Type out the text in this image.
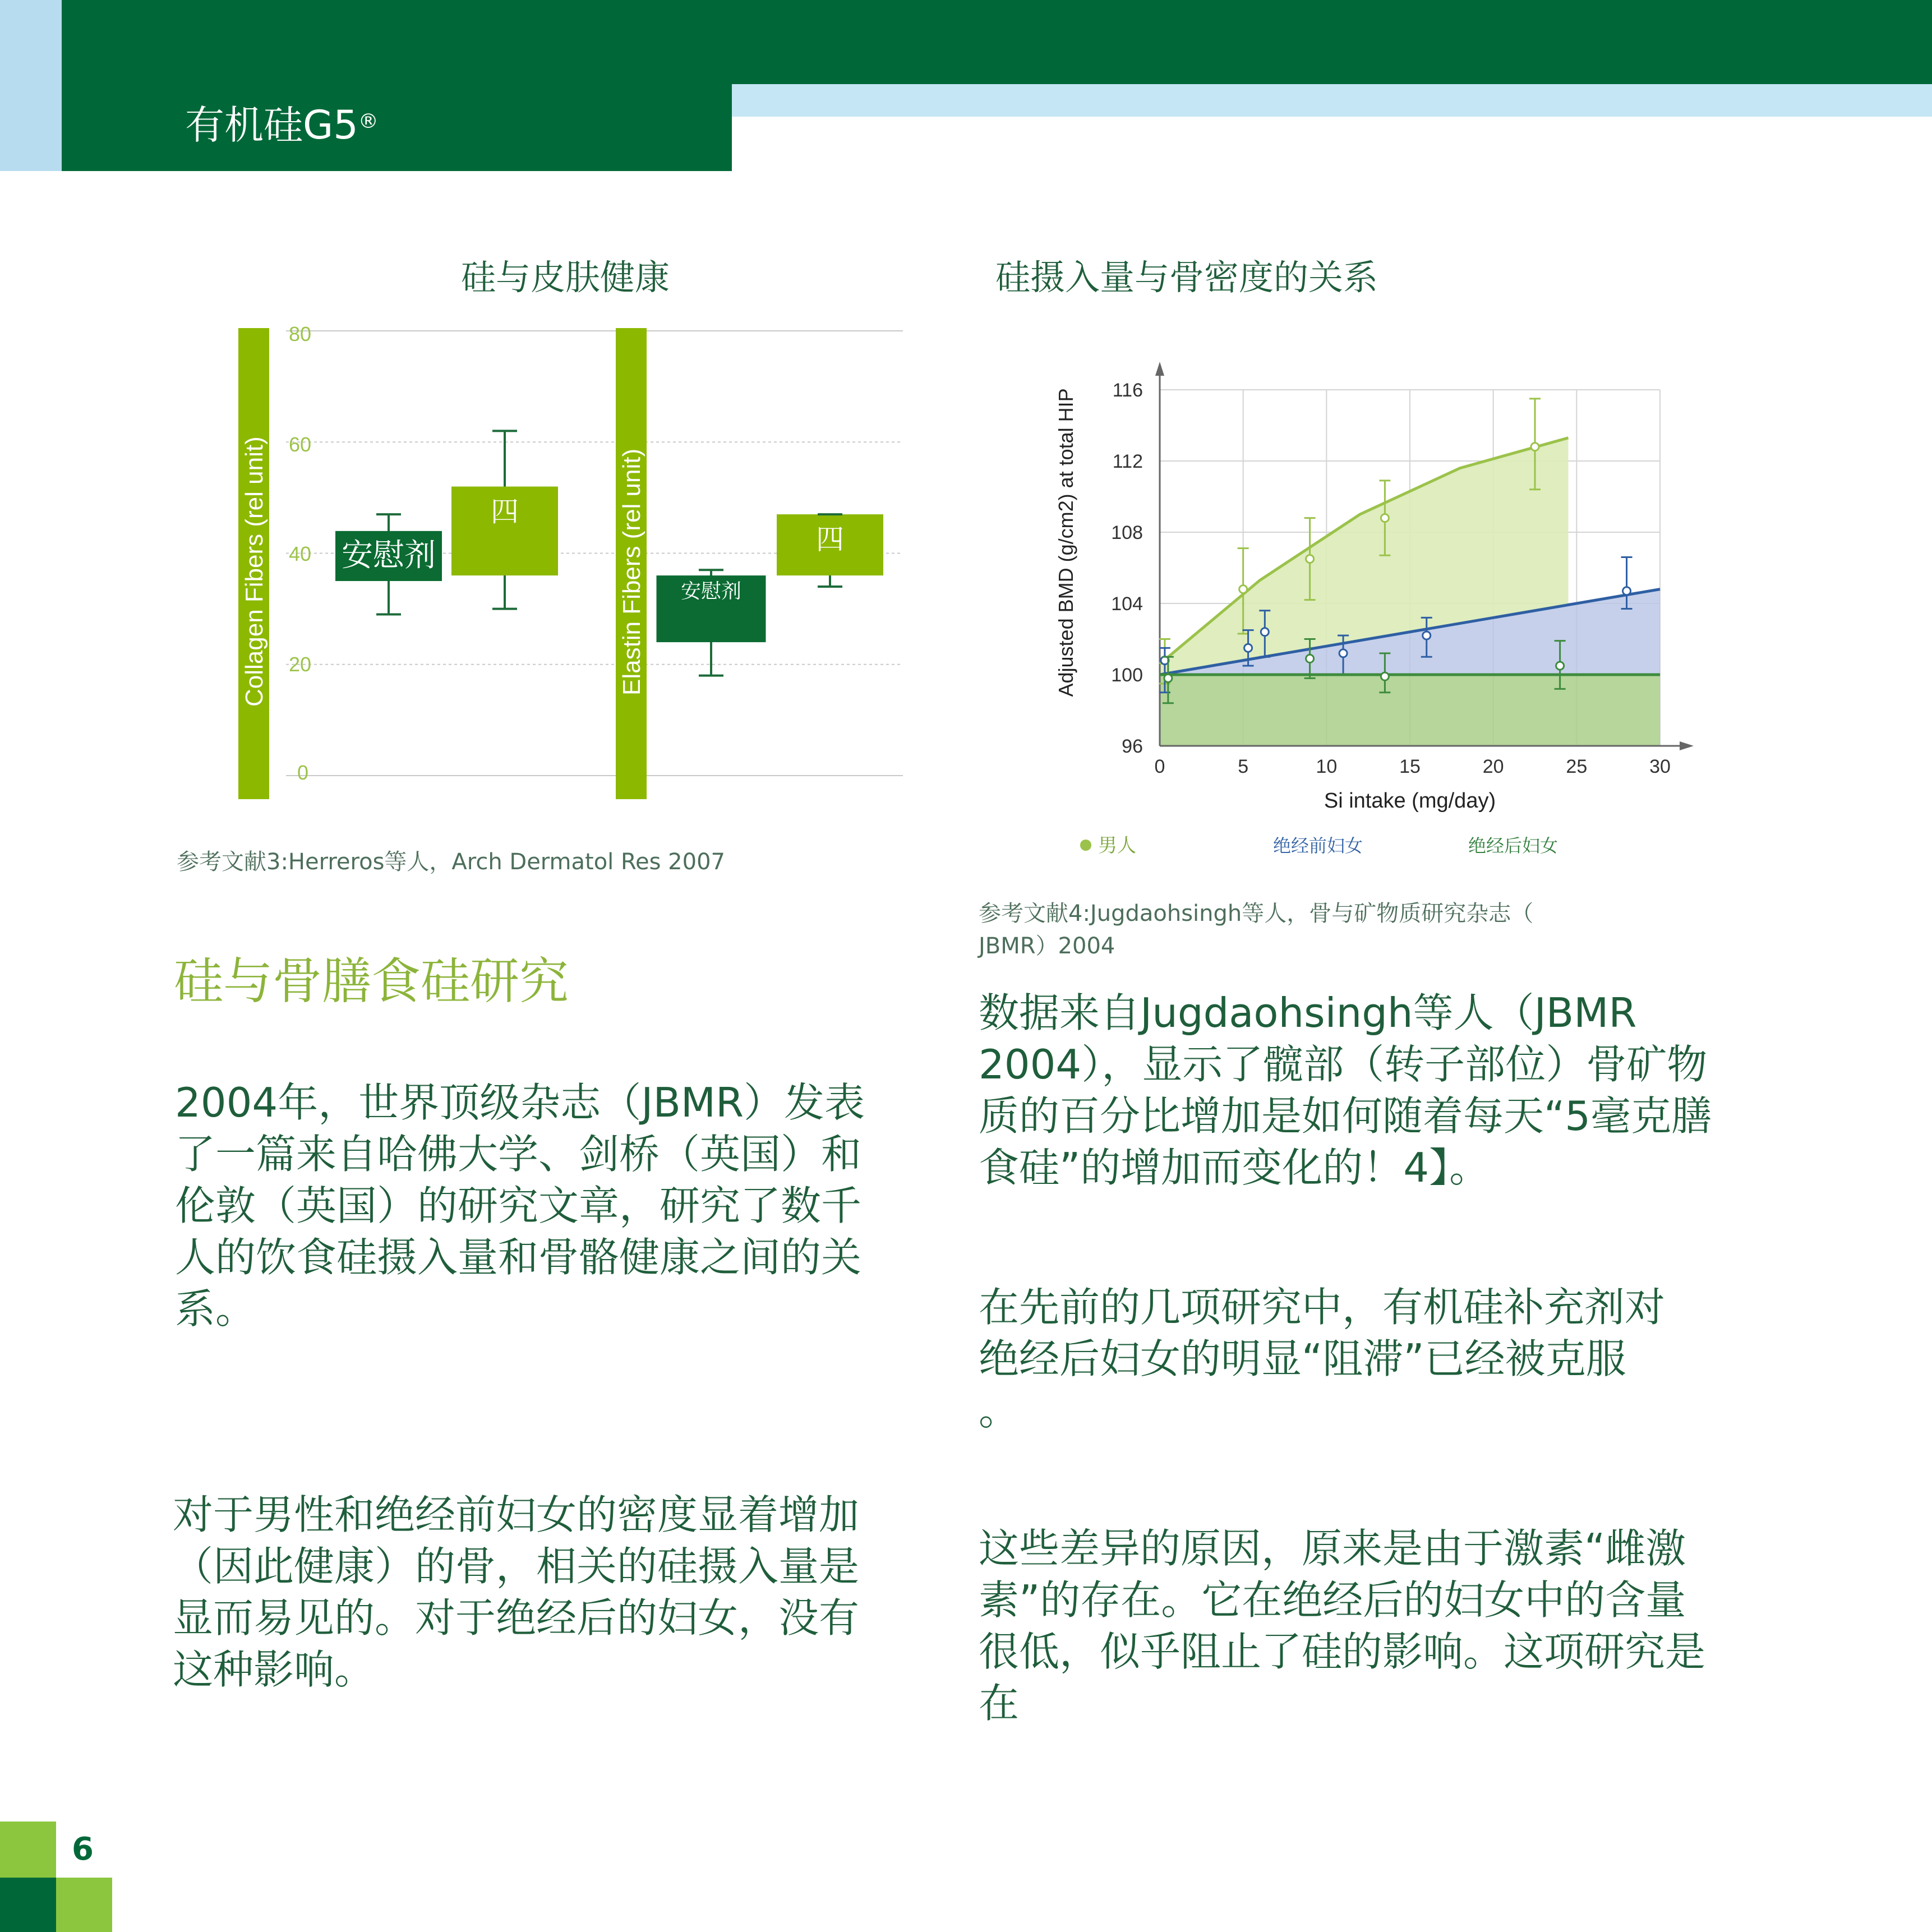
有机硅G5®
硅与皮肤健康
Collagen Fibers (rel unit)
80
60
40
20
0
Elastin Fibers (rel unit)
安慰剂
四
安慰剂
四
参考文献3:Herreros等人，Arch Dermatol Res 2007
硅摄入量与骨密度的关系
96
100
104
108
112
116
0	5	10	15	20	25	30
Adjusted BMD (g/cm2) at total HIP
Si intake (mg/day)
男人	绝经前妇女	绝经后妇女
参考文献4:Jugdaohsingh等人，骨与矿物质研究杂志（
JBMR）2004
硅与骨膳食硅研究
2004年，世界顶级杂志（JBMR）发表
了一篇来自哈佛大学、剑桥（英国）和
伦敦（英国）的研究文章，研究了数千
人的饮食硅摄入量和骨骼健康之间的关
系。
对于男性和绝经前妇女的密度显着增加
（因此健康）的骨，相关的硅摄入量是
显而易见的。对于绝经后的妇女，没有
这种影响。
数据来自Jugdaohsingh等人（JBMR
2004），显示了髋部（转子部位）骨矿物
质的百分比增加是如何随着每天“5毫克膳
食硅”的增加而变化的！4】。
在先前的几项研究中，有机硅补充剂对
绝经后妇女的明显“阻滞”已经被克服
。
这些差异的原因，原来是由于激素“雌激
素”的存在。它在绝经后的妇女中的含量
很低，似乎阻止了硅的影响。这项研究是
在
6
